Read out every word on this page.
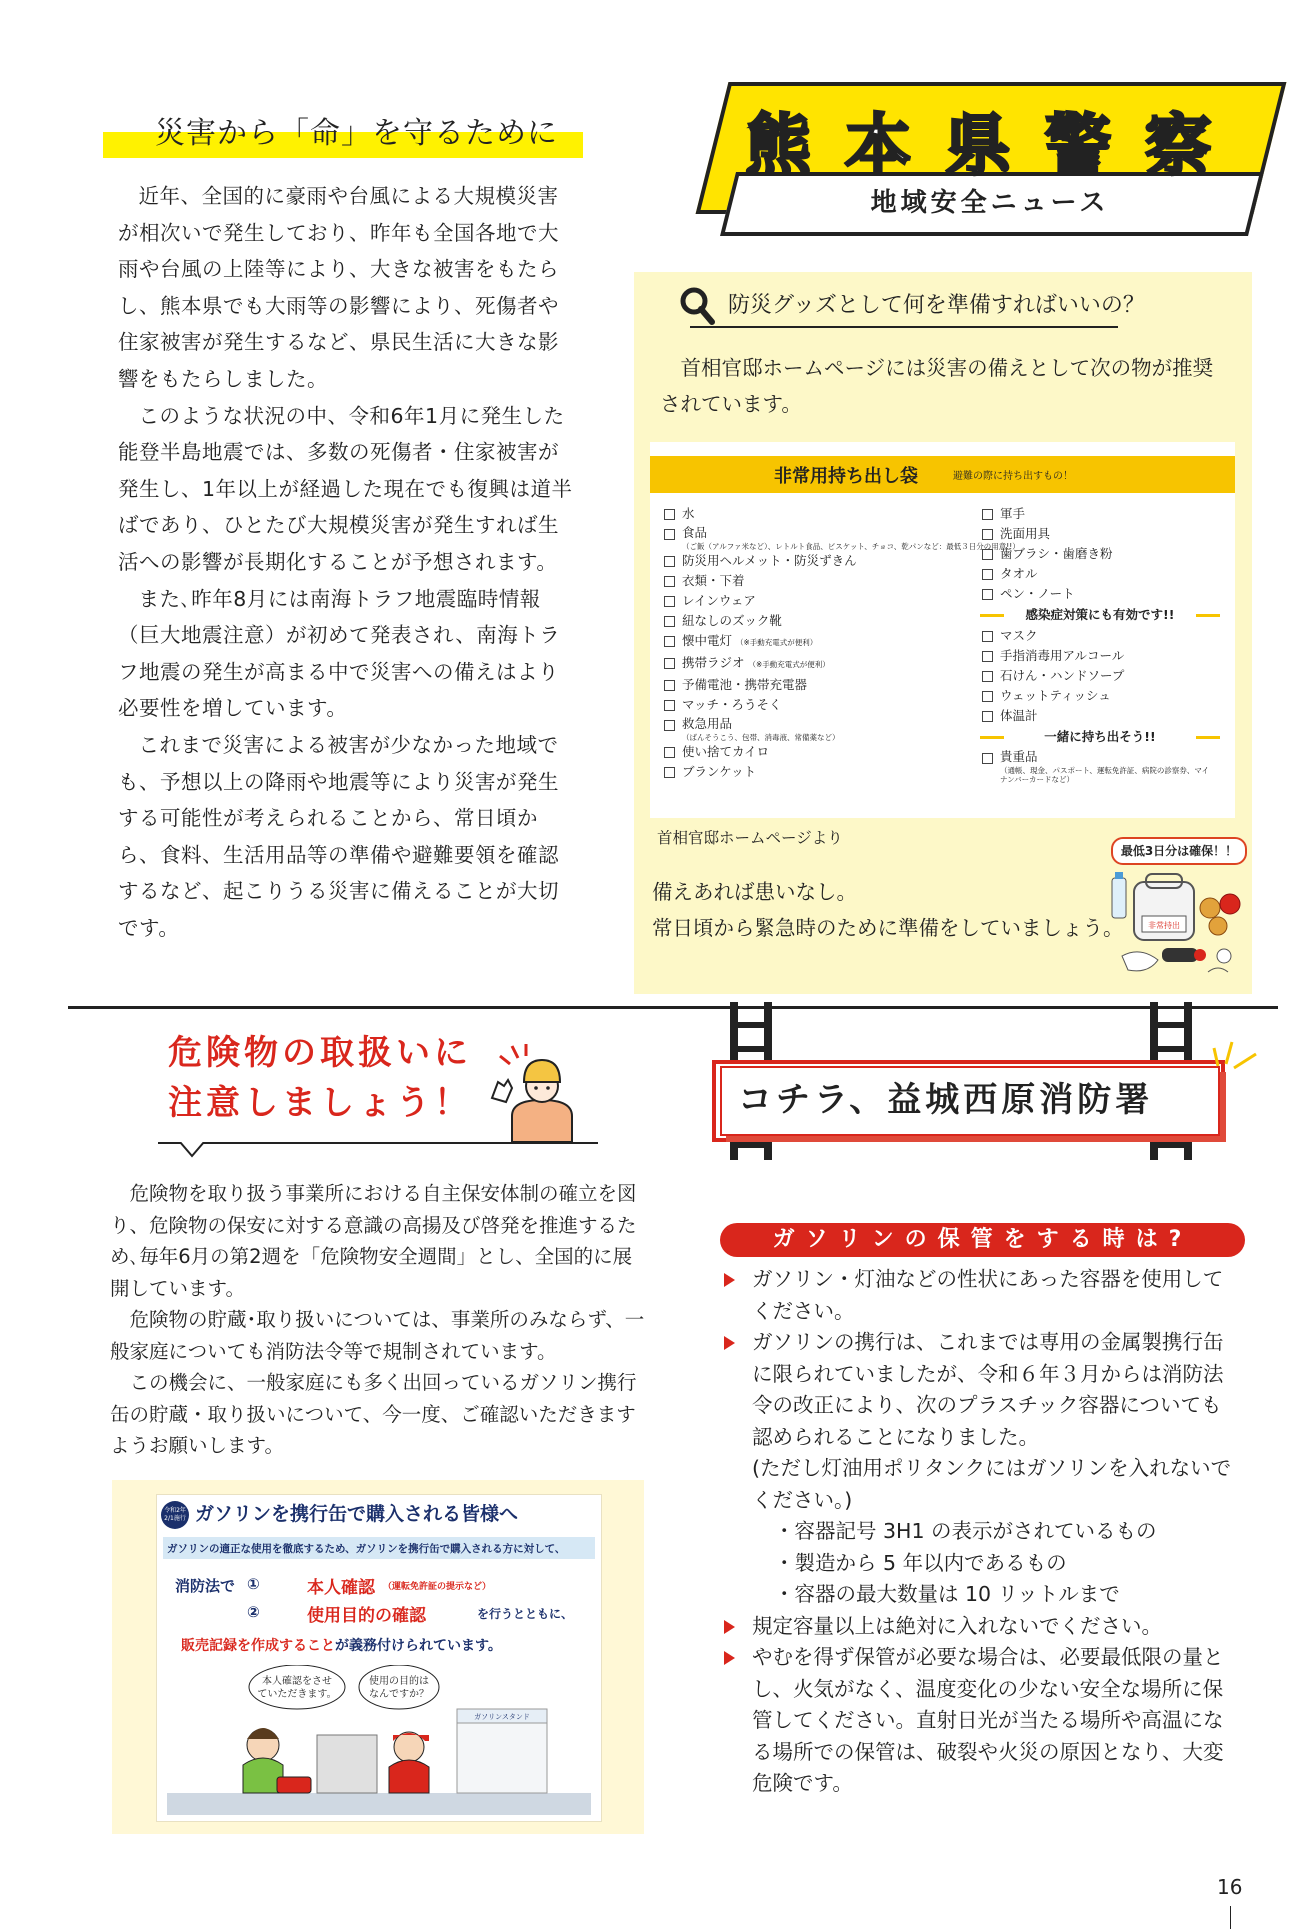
災害から「命」を守るために

近年、全国的に豪雨や台風による大規模災害が相次いで発生しており、昨年も全国各地で大雨や台風の上陸等により、大きな被害をもたらし、熊本県でも大雨等の影響により、死傷者や住家被害が発生するなど、県民生活に大きな影響をもたらしました。

このような状況の中、令和6年1月に発生した能登半島地震では、多数の死傷者・住家被害が発生し、1年以上が経過した現在でも復興は道半ばであり、ひとたび大規模災害が発生すれば生活への影響が長期化することが予想されます。

また､昨年8月には南海トラフ地震臨時情報（巨大地震注意）が初めて発表され、南海トラフ地震の発生が高まる中で災害への備えはより必要性を増しています。

これまで災害による被害が少なかった地域でも、予想以上の降雨や地震等により災害が発生する可能性が考えられることから、常日頃から、食料、生活用品等の準備や避難要領を確認するなど、起こりうる災害に備えることが大切です。

熊本県警察
地域安全ニュース
防災グッズとして何を準備すればいいの？

首相官邸ホームページには災害の備えとして次の物が推奨されています。

非常用持ち出し袋	避難の際に持ち出すもの！
水
食品
（ご飯（アルファ米など）、レトルト食品、ビスケット、チョコ、乾パンなど：最低３日分の用意!!）
防災用ヘルメット・防災ずきん
衣類・下着
レインウェア
紐なしのズック靴
懐中電灯 （※手動充電式が便利）
携帯ラジオ （※手動充電式が便利）
予備電池・携帯充電器
マッチ・ろうそく
救急用品
（ばんそうこう、包帯、消毒液、常備薬など）
使い捨てカイロ
ブランケット
軍手
洗面用具
歯ブラシ・歯磨き粉
タオル
ペン・ノート
感染症対策にも有効です!!
マスク
手指消毒用アルコール
石けん・ハンドソープ
ウェットティッシュ
体温計
一緒に持ち出そう!!
貴重品
（通帳、現金、パスポート、運転免許証、病院の診察券、マイナンバーカードなど）
首相官邸ホームページより
最低3日分は確保！！
非常持出
備えあれば患いなし。
常日頃から緊急時のために準備をしていましょう。
危険物の取扱いに
注意しましょう！

危険物を取り扱う事業所における自主保安体制の確立を図り、危険物の保安に対する意識の高揚及び啓発を推進するため､毎年6月の第2週を「危険物安全週間」とし、全国的に展開しています。

危険物の貯蔵･取り扱いについては、事業所のみならず、一般家庭についても消防法令等で規制されています。

この機会に、一般家庭にも多く出回っているガソリン携行缶の貯蔵・取り扱いについて、今一度、ご確認いただきますようお願いします。

令和2年2/1施行 ガソリンを携行缶で購入される皆様へ
ガソリンの適正な使用を徹底するため、ガソリンを携行缶で購入される方に対して、
消防法で ①
②
本人確認 （運転免許証の提示など）
使用目的の確認	を行うとともに、
販売記録を作成することが義務付けられています。
本人確認をさせ
ていただきます。
使用の目的は
なんですか？
ガソリンスタンド
コチラ、益城西原消防署
ガソリンの保管をする時は?
ガソリン・灯油などの性状にあった容器を使用してください。
ガソリンの携行は、これまでは専用の金属製携行缶に限られていましたが、令和６年３月からは消防法令の改正により、次のプラスチック容器についても認められることになりました。
(ただし灯油用ポリタンクにはガソリンを入れないでください。)
・容器記号 3H1 の表示がされているもの
・製造から 5 年以内であるもの
・容器の最大数量は 10 リットルまで
規定容量以上は絶対に入れないでください。
やむを得ず保管が必要な場合は、必要最低限の量とし、火気がなく、温度変化の少ない安全な場所に保管してください。直射日光が当たる場所や高温になる場所での保管は、破裂や火災の原因となり、大変危険です。
16
